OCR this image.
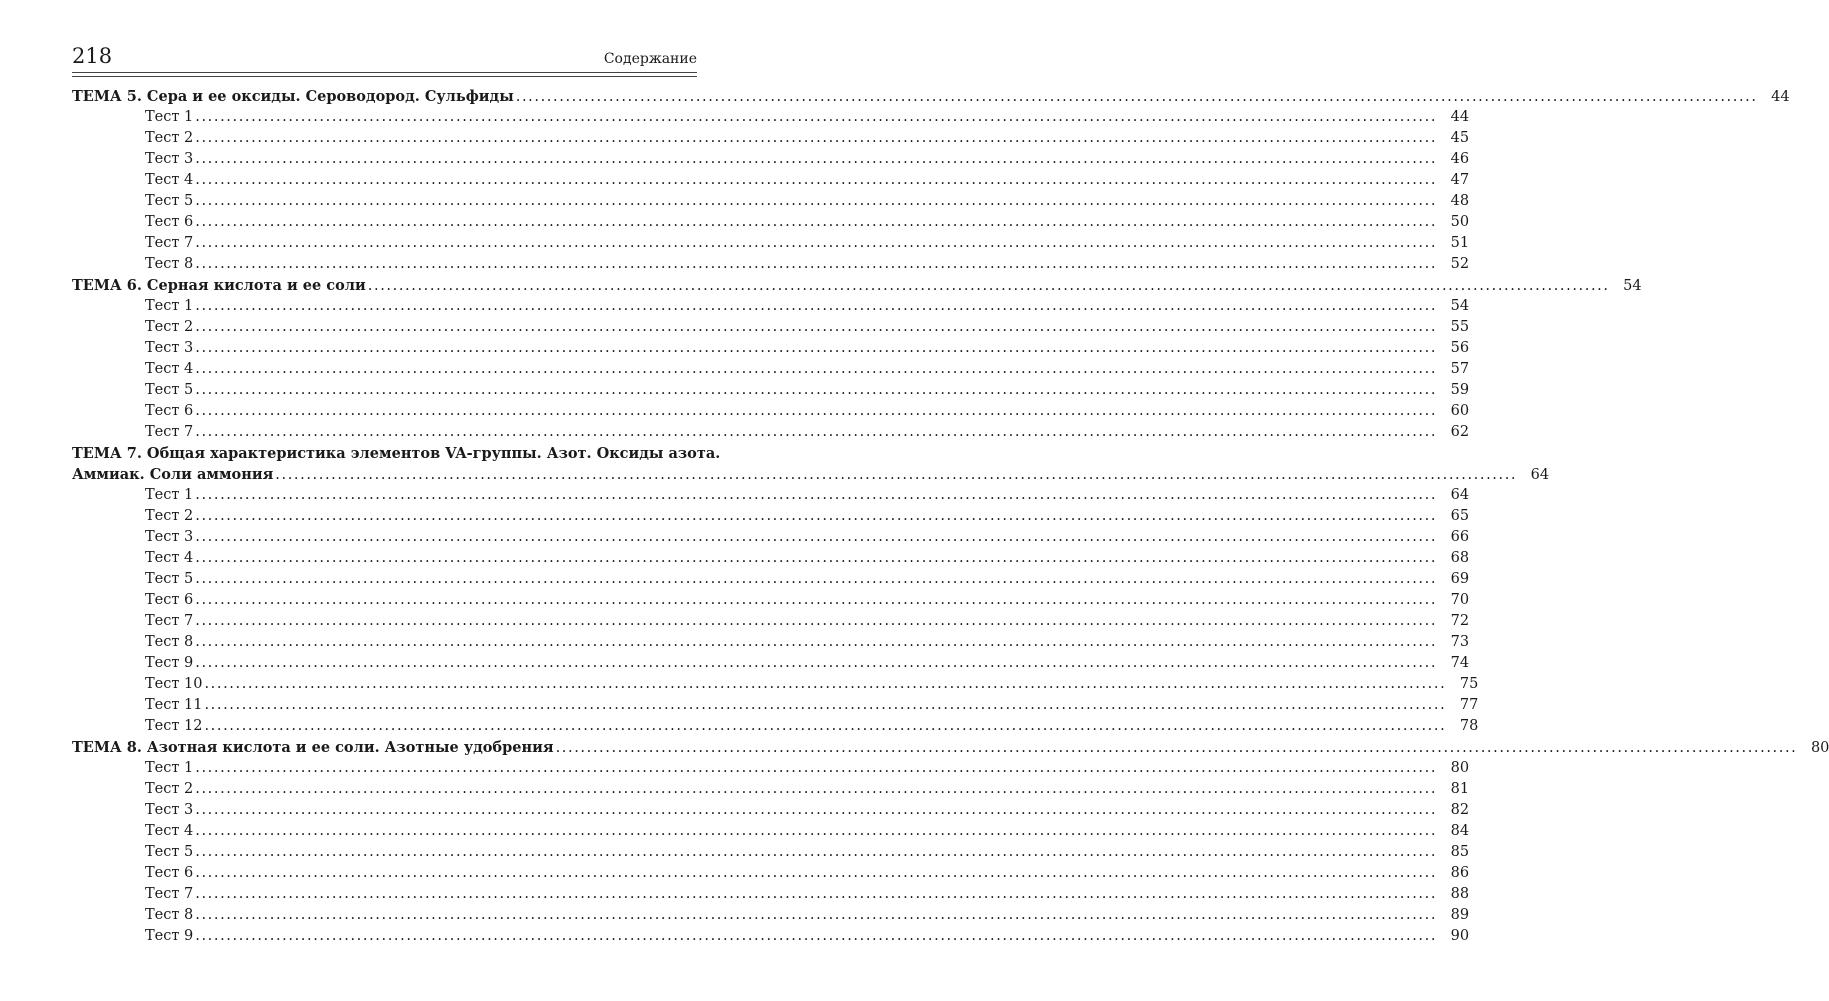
218	Содержание
ТЕМА 5. Сера и ее оксиды. Сероводород. Сульфиды ........................................................................................................................................................................................................ 44
Тест 1 ........................................................................................................................................................................................................ 44
Тест 2 ........................................................................................................................................................................................................ 45
Тест 3 ........................................................................................................................................................................................................ 46
Тест 4 ........................................................................................................................................................................................................ 47
Тест 5 ........................................................................................................................................................................................................ 48
Тест 6 ........................................................................................................................................................................................................ 50
Тест 7 ........................................................................................................................................................................................................ 51
Тест 8 ........................................................................................................................................................................................................ 52
ТЕМА 6. Серная кислота и ее соли ........................................................................................................................................................................................................ 54
Тест 1 ........................................................................................................................................................................................................ 54
Тест 2 ........................................................................................................................................................................................................ 55
Тест 3 ........................................................................................................................................................................................................ 56
Тест 4 ........................................................................................................................................................................................................ 57
Тест 5 ........................................................................................................................................................................................................ 59
Тест 6 ........................................................................................................................................................................................................ 60
Тест 7 ........................................................................................................................................................................................................ 62
ТЕМА 7. Общая характеристика элементов VA-группы. Азот. Оксиды азота.
Аммиак. Соли аммония ........................................................................................................................................................................................................ 64
Тест 1 ........................................................................................................................................................................................................ 64
Тест 2 ........................................................................................................................................................................................................ 65
Тест 3 ........................................................................................................................................................................................................ 66
Тест 4 ........................................................................................................................................................................................................ 68
Тест 5 ........................................................................................................................................................................................................ 69
Тест 6 ........................................................................................................................................................................................................ 70
Тест 7 ........................................................................................................................................................................................................ 72
Тест 8 ........................................................................................................................................................................................................ 73
Тест 9 ........................................................................................................................................................................................................ 74
Тест 10 ........................................................................................................................................................................................................ 75
Тест 11 ........................................................................................................................................................................................................ 77
Тест 12 ........................................................................................................................................................................................................ 78
ТЕМА 8. Азотная кислота и ее соли. Азотные удобрения ........................................................................................................................................................................................................ 80
Тест 1 ........................................................................................................................................................................................................ 80
Тест 2 ........................................................................................................................................................................................................ 81
Тест 3 ........................................................................................................................................................................................................ 82
Тест 4 ........................................................................................................................................................................................................ 84
Тест 5 ........................................................................................................................................................................................................ 85
Тест 6 ........................................................................................................................................................................................................ 86
Тест 7 ........................................................................................................................................................................................................ 88
Тест 8 ........................................................................................................................................................................................................ 89
Тест 9 ........................................................................................................................................................................................................ 90
